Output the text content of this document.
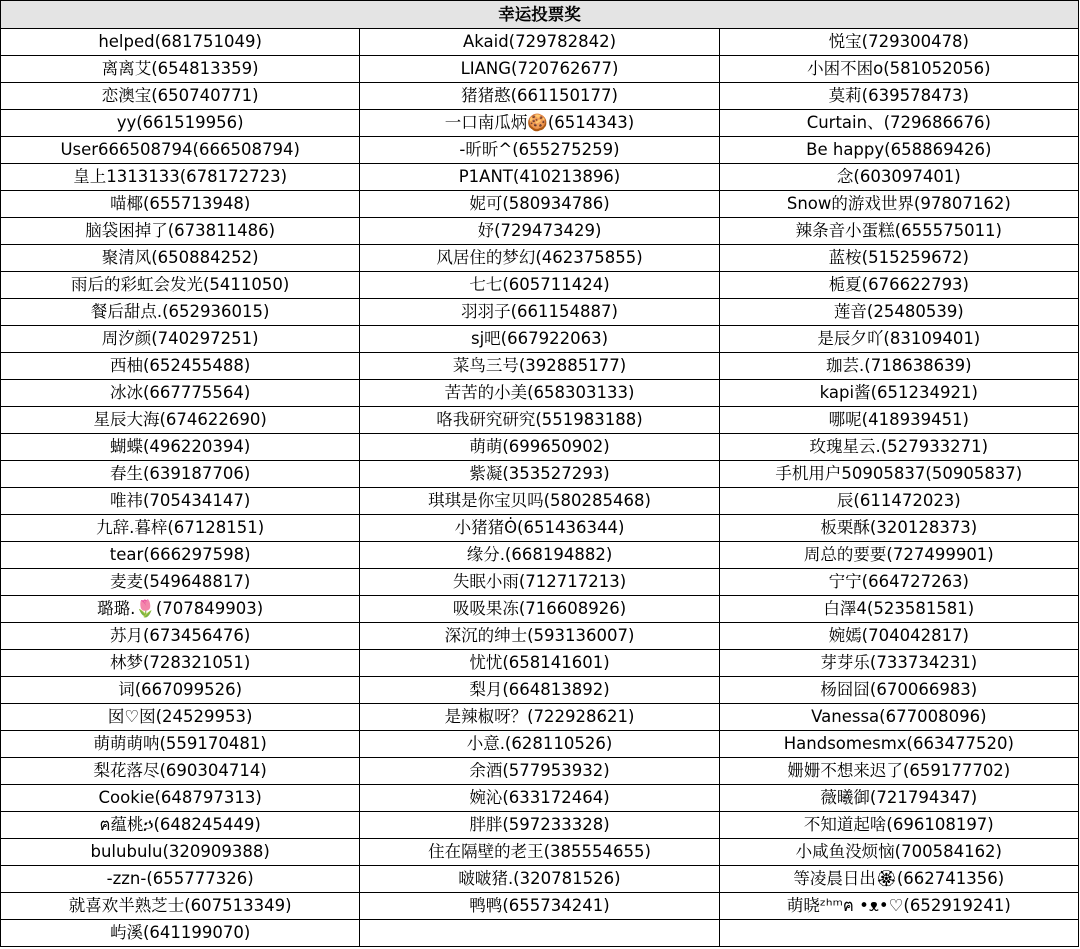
幸运投票奖		
helped(681751049)	Akaid(729782842)	悦宝(729300478)
离离艾(654813359)	LIANG(720762677)	小困不困o(581052056)
恋澳宝(650740771)	猪猪憨(661150177)	莫莉(639578473)
yy(661519956)	一口南瓜炳🍪(6514343)	Curtain、(729686676)
User666508794(666508794)	-昕昕^(655275259)	Be happy(658869426)
皇上1313133(678172723)	P1ANT(410213896)	念(603097401)
喵椰(655713948)	妮可(580934786)	Snow的游戏世界(97807162)
脑袋困掉了(673811486)	妤(729473429)	辣条音小蛋糕(655575011)
聚清风(650884252)	风居住的梦幻(462375855)	蓝桉(515259672)
雨后的彩虹会发光(5411050)	七七(605711424)	栀夏(676622793)
餐后甜点.(652936015)	羽羽子(661154887)	莲音(25480539)
周汐颜(740297251)	sj吧(667922063)	是辰夕吖(83109401)
西柚(652455488)	菜鸟三号(392885177)	珈芸.(718638639)
冰冰(667775564)	苦苦的小美(658303133)	kapi酱(651234921)
星辰大海(674622690)	咯我研究研究(551983188)	哪呢(418939451)
蝴蝶(496220394)	萌萌(699650902)	玫瑰星云.(527933271)
春生(639187706)	紫凝(353527293)	手机用户50905837(50905837)
唯祎(705434147)	琪琪是你宝贝吗(580285468)	辰(611472023)
九辞.暮梓(67128151)	小猪猪ʘ̇(651436344)	板栗酥(320128373)
tear(666297598)	缘分.(668194882)	周总的要要(727499901)
麦麦(549648817)	失眠小雨(712717213)	宁宁(664727263)
璐璐.🌷(707849903)	吸吸果冻(716608926)	白澤4(523581581)
苏月(673456476)	深沉的绅士(593136007)	婉嫣(704042817)
林梦(728321051)	忧忧(658141601)	芽芽乐(733734231)
词(667099526)	梨月(664813892)	杨囧囧(670066983)
囡♡囡(24529953)	是辣椒呀？(722928621)	Vanessa(677008096)
萌萌萌呐(559170481)	小意.(628110526)	Handsomesmx(663477520)
梨花落尽(690304714)	余酒(577953932)	姗姗不想来迟了(659177702)
Cookie(648797313)	婉沁(633172464)	薇曦御(721794347)
ฅ蕴桃ኃ(648245449)	胖胖(597233328)	不知道起啥(696108197)
bulubulu(320909388)	住在隔壁的老王(385554655)	小咸鱼没烦恼(700584162)
-zzn-(655777326)	啵啵猪.(320781526)	等凌晨日出🏵(662741356)
就喜欢半熟芝士(607513349)	鸭鸭(655734241)	萌晓ᶻʰᵐฅ •ᴥ•♡(652919241)
屿溪(641199070)		
